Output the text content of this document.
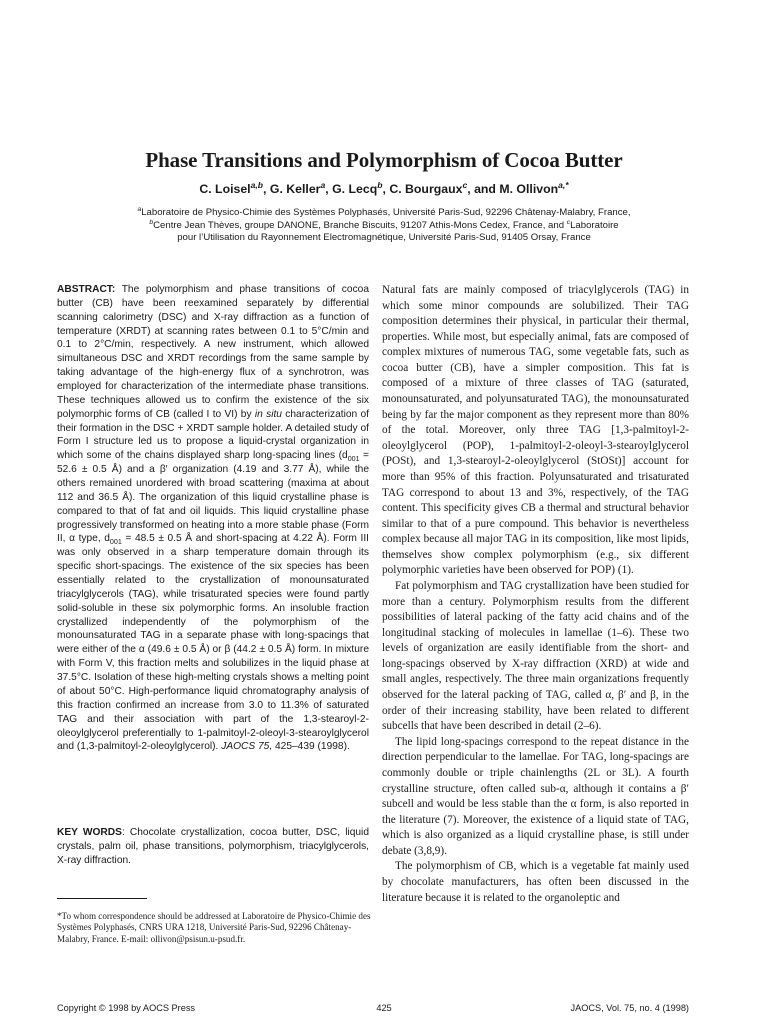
Phase Transitions and Polymorphism of Cocoa Butter
C. Loisel$^{a,b}$, G. Keller$^a$, G. Lecq$^b$, C. Bourgaux$^c$, and M. Ollivon$^{a,*}$
$^a$Laboratoire de Physico-Chimie des Systèmes Polyphasés, Université Paris-Sud, 92296 Châtenay-Malabry, France,
$^b$Centre Jean Thèves, groupe DANONE, Branche Biscuits, 91207 Athis-Mons Cedex, France, and $^c$Laboratoire
pour l’Utilisation du Rayonnement Electromagnétique, Université Paris-Sud, 91405 Orsay, France
ABSTRACT: The polymorphism and phase transitions of cocoa butter (CB) have been reexamined separately by differential scanning calorimetry (DSC) and X-ray diffraction as a function of temperature (XRDT) at scanning rates between 0.1 to 5°C/min and 0.1 to 2°C/min, respectively. A new instrument, which allowed simultaneous DSC and XRDT recordings from the same sample by taking advantage of the high-energy flux of a synchrotron, was employed for characterization of the intermediate phase transitions. These techniques allowed us to confirm the existence of the six polymorphic forms of CB (called I to VI) by in situ characterization of their formation in the DSC + XRDT sample holder. A detailed study of Form I structure led us to propose a liquid-crystal organization in which some of the chains displayed sharp long-spacing lines ($d_{001} = 52.6 \pm 0.5$ Å) and a β′ organization (4.19 and 3.77 Å), while the others remained unordered with broad scattering (maxima at about 112 and 36.5 Å). The organization of this liquid crystalline phase is compared to that of fat and oil liquids. This liquid crystalline phase progressively transformed on heating into a more stable phase (Form II, α type, $d_{001} = 48.5 \pm 0.5$ Å and short-spacing at 4.22 Å). Form III was only observed in a sharp temperature domain through its specific short-spacings. The existence of the six species has been essentially related to the crystallization of monounsaturated triacylglycerols (TAG), while trisaturated species were found partly solid-soluble in these six polymorphic forms. An insoluble fraction crystallized independently of the polymorphism of the monounsaturated TAG in a separate phase with long-spacings that were either of the α (49.6 ± 0.5 Å) or β (44.2 ± 0.5 Å) form. In mixture with Form V, this fraction melts and solubilizes in the liquid phase at 37.5°C. Isolation of these high-melting crystals shows a melting point of about 50°C. High-performance liquid chromatography analysis of this fraction confirmed an increase from 3.0 to 11.3% of saturated TAG and their association with part of the 1,3-stearoyl-2-oleoylglycerol preferentially to 1-palmitoyl-2-oleoyl-3-stearoylglycerol and (1,3-palmitoyl-2-oleoylglycerol). JAOCS 75, 425–439 (1998).
KEY WORDS: Chocolate crystallization, cocoa butter, DSC, liquid crystals, palm oil, phase transitions, polymorphism, triacylglycerols, X-ray diffraction.
*To whom correspondence should be addressed at Laboratoire de Physico-Chimie des Systèmes Polyphasés, CNRS URA 1218, Université Paris-Sud, 92296 Châtenay-Malabry, France. E-mail: ollivon@psisun.u-psud.fr.

Natural fats are mainly composed of triacylglycerols (TAG) in which some minor compounds are solubilized. Their TAG composition determines their physical, in particular their thermal, properties. While most, but especially animal, fats are composed of complex mixtures of numerous TAG, some vegetable fats, such as cocoa butter (CB), have a simpler composition. This fat is composed of a mixture of three classes of TAG (saturated, monounsaturated, and polyunsaturated TAG), the monounsaturated being by far the major component as they represent more than 80% of the total. Moreover, only three TAG [1,3-palmitoyl-2-oleoylglycerol (POP), 1-palmitoyl-2-oleoyl-3-stearoylglycerol (POSt), and 1,3-stearoyl-2-oleoylglycerol (StOSt)] account for more than 95% of this fraction. Polyunsaturated and trisaturated TAG correspond to about 13 and 3%, respectively, of the TAG content. This specificity gives CB a thermal and structural behavior similar to that of a pure compound. This behavior is nevertheless complex because all major TAG in its composition, like most lipids, themselves show complex polymorphism (e.g., six different polymorphic varieties have been observed for POP) (1).

Fat polymorphism and TAG crystallization have been studied for more than a century. Polymorphism results from the different possibilities of lateral packing of the fatty acid chains and of the longitudinal stacking of molecules in lamellae (1–6). These two levels of organization are easily identifiable from the short- and long-spacings observed by X-ray diffraction (XRD) at wide and small angles, respectively. The three main organizations frequently observed for the lateral packing of TAG, called α, β′ and β, in the order of their increasing stability, have been related to different subcells that have been described in detail (2–6).

The lipid long-spacings correspond to the repeat distance in the direction perpendicular to the lamellae. For TAG, long-spacings are commonly double or triple chainlengths (2L or 3L). A fourth crystalline structure, often called sub-α, although it contains a β′ subcell and would be less stable than the α form, is also reported in the literature (7). Moreover, the existence of a liquid state of TAG, which is also organized as a liquid crystalline phase, is still under debate (3,8,9).

The polymorphism of CB, which is a vegetable fat mainly used by chocolate manufacturers, has often been discussed in the literature because it is related to the organoleptic and

Copyright © 1998 by AOCS Press	425	JAOCS, Vol. 75, no. 4 (1998)
